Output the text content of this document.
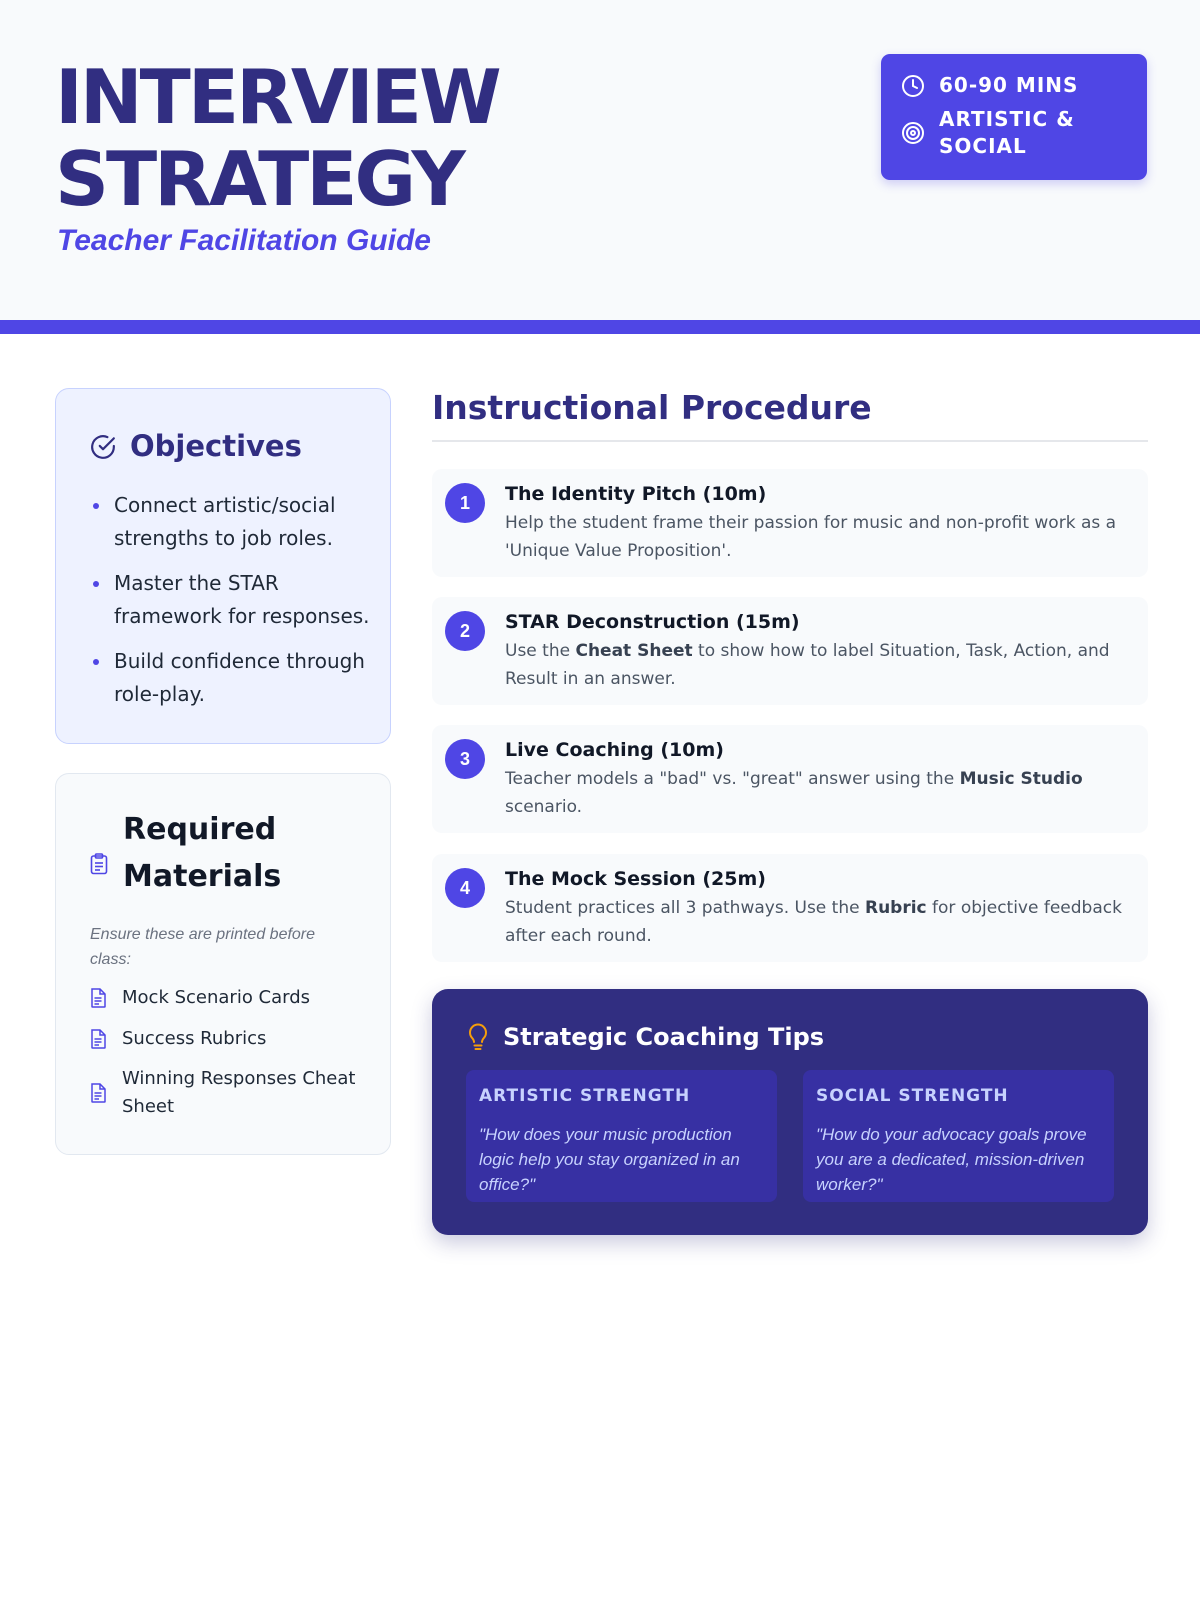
INTERVIEW
STRATEGY
Teacher Facilitation Guide
60-90 MINS
ARTISTIC & SOCIAL
Objectives
Connect artistic/social strengths to job roles.
Master the STAR framework for responses.
Build confidence through role-play.
Required Materials
Ensure these are printed before class:
Mock Scenario Cards
Success Rubrics
Winning Responses Cheat Sheet
Instructional Procedure
1	The Identity Pitch (10m)
Help the student frame their passion for music and non-profit work as a 'Unique Value Proposition'.
2	STAR Deconstruction (15m)
Use the Cheat Sheet to show how to label Situation, Task, Action, and Result in an answer.
3	Live Coaching (10m)
Teacher models a "bad" vs. "great" answer using the Music Studio scenario.
4	The Mock Session (25m)
Student practices all 3 pathways. Use the Rubric for objective feedback after each round.
Strategic Coaching Tips
ARTISTIC STRENGTH
"How does your music production logic help you stay organized in an office?"
SOCIAL STRENGTH
"How do your advocacy goals prove you are a dedicated, mission-driven worker?"
